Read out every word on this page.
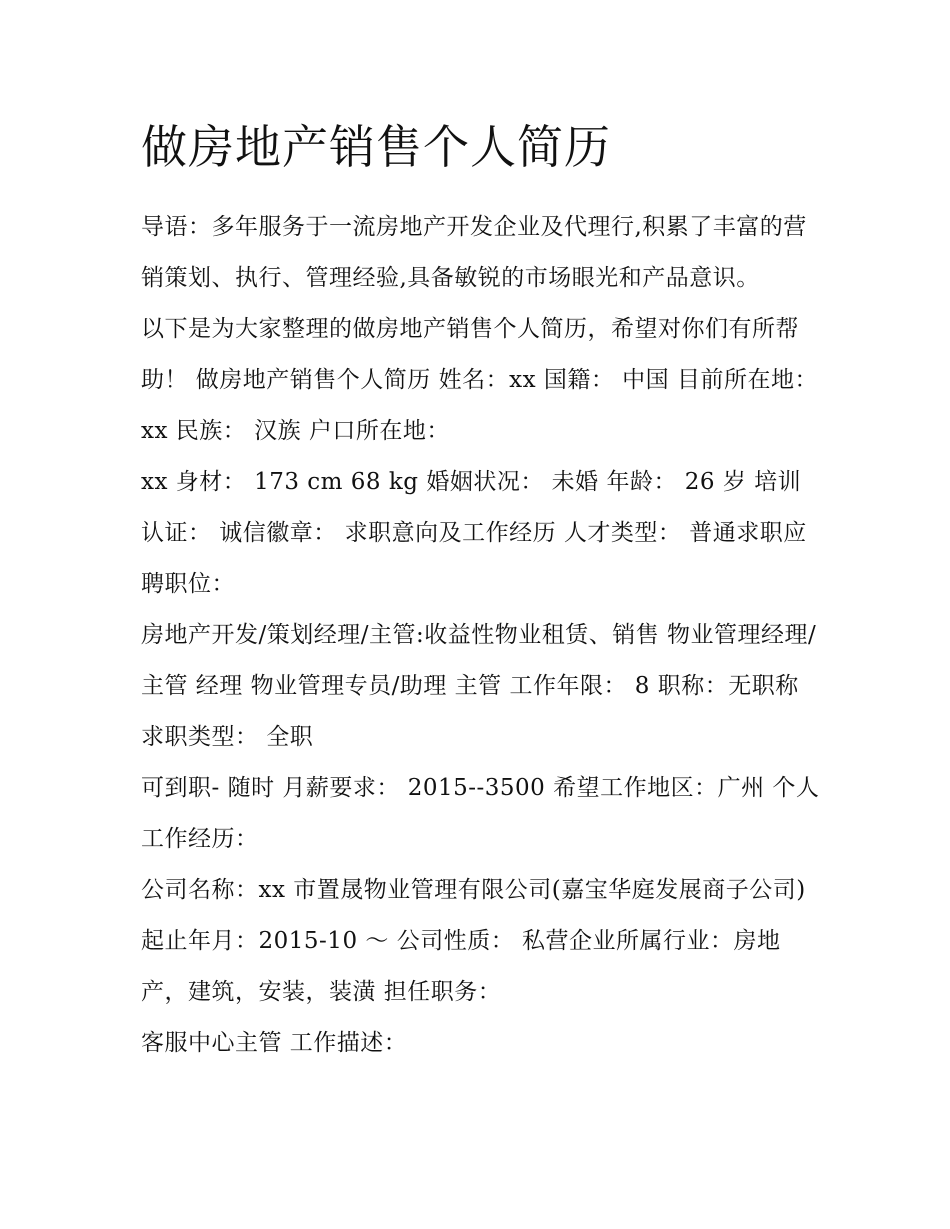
做房地产销售个人简历

导语：多年服务于一流房地产开发企业及代理行,积累了丰富的营销策划、执行、管理经验,具备敏锐的市场眼光和产品意识。

以下是为大家整理的做房地产销售个人简历，希望对你们有所帮助！ 做房地产销售个人简历 姓名：xx 国籍： 中国 目前所在地：xx 民族： 汉族 户口所在地：

xx 身材： 173 cm 68 kg 婚姻状况： 未婚 年龄： 26 岁 培训认证： 诚信徽章： 求职意向及工作经历 人才类型： 普通求职应聘职位：

房地产开发/策划经理/主管:收益性物业租赁、销售 物业管理经理/主管 经理 物业管理专员/助理 主管 工作年限： 8 职称：无职称 求职类型： 全职

可到职- 随时 月薪要求： 2015--3500 希望工作地区：广州 个人工作经历：

公司名称：xx 市置晟物业管理有限公司(嘉宝华庭发展商子公司)起止年月：2015-10 ～ 公司性质： 私营企业所属行业：房地产，建筑，安装，装潢 担任职务：

客服中心主管 工作描述：
